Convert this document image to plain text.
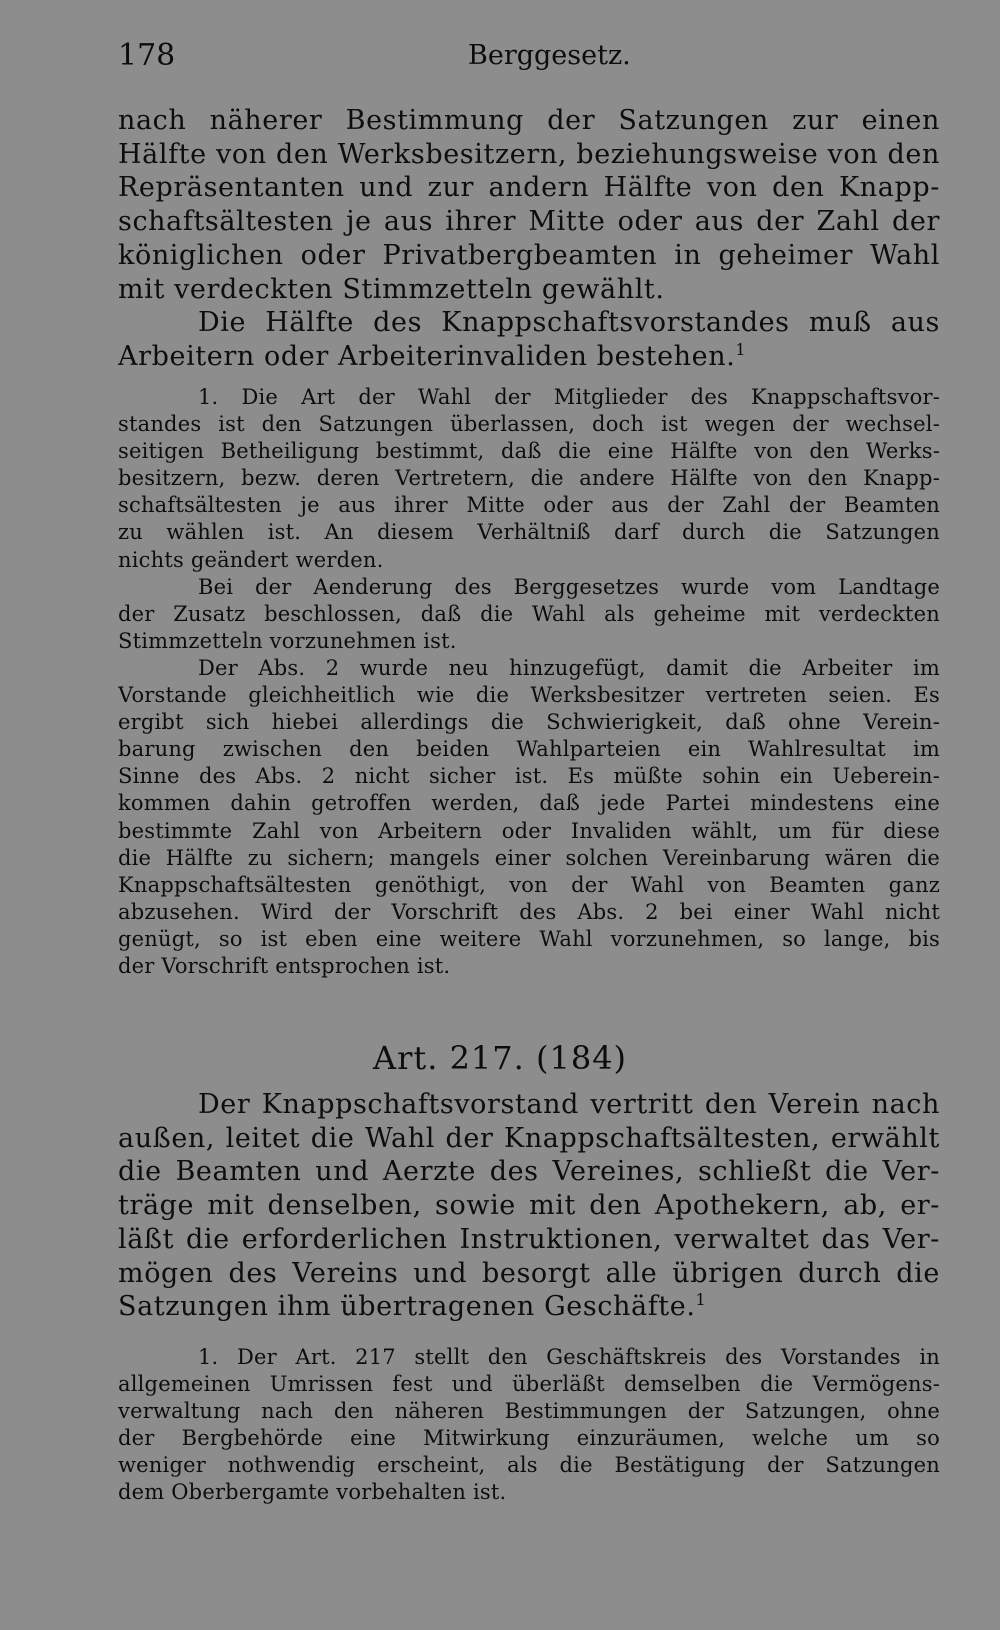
178	Berggesetz.
nach näherer Bestimmung der Satzungen zur einen
Hälfte von den Werksbesitzern, beziehungsweise von den
Repräsentanten und zur andern Hälfte von den Knapp-
schaftsältesten je aus ihrer Mitte oder aus der Zahl der
königlichen oder Privatbergbeamten in geheimer Wahl
mit verdeckten Stimmzetteln gewählt.
Die Hälfte des Knappschaftsvorstandes muß aus
Arbeitern oder Arbeiterinvaliden bestehen.$^1$
1. Die Art der Wahl der Mitglieder des Knappschaftsvor-
standes ist den Satzungen überlassen, doch ist wegen der wechsel-
seitigen Betheiligung bestimmt, daß die eine Hälfte von den Werks-
besitzern, bezw. deren Vertretern, die andere Hälfte von den Knapp-
schaftsältesten je aus ihrer Mitte oder aus der Zahl der Beamten
zu wählen ist. An diesem Verhältniß darf durch die Satzungen
nichts geändert werden.
Bei der Aenderung des Berggesetzes wurde vom Landtage
der Zusatz beschlossen, daß die Wahl als geheime mit verdeckten
Stimmzetteln vorzunehmen ist.
Der Abs. 2 wurde neu hinzugefügt, damit die Arbeiter im
Vorstande gleichheitlich wie die Werksbesitzer vertreten seien. Es
ergibt sich hiebei allerdings die Schwierigkeit, daß ohne Verein-
barung zwischen den beiden Wahlparteien ein Wahlresultat im
Sinne des Abs. 2 nicht sicher ist. Es müßte sohin ein Ueberein-
kommen dahin getroffen werden, daß jede Partei mindestens eine
bestimmte Zahl von Arbeitern oder Invaliden wählt, um für diese
die Hälfte zu sichern; mangels einer solchen Vereinbarung wären die
Knappschaftsältesten genöthigt, von der Wahl von Beamten ganz
abzusehen. Wird der Vorschrift des Abs. 2 bei einer Wahl nicht
genügt, so ist eben eine weitere Wahl vorzunehmen, so lange, bis
der Vorschrift entsprochen ist.
Art. 217. (184)
Der Knappschaftsvorstand vertritt den Verein nach
außen, leitet die Wahl der Knappschaftsältesten, erwählt
die Beamten und Aerzte des Vereines, schließt die Ver-
träge mit denselben, sowie mit den Apothekern, ab, er-
läßt die erforderlichen Instruktionen, verwaltet das Ver-
mögen des Vereins und besorgt alle übrigen durch die
Satzungen ihm übertragenen Geschäfte.$^1$
1. Der Art. 217 stellt den Geschäftskreis des Vorstandes in
allgemeinen Umrissen fest und überläßt demselben die Vermögens-
verwaltung nach den näheren Bestimmungen der Satzungen, ohne
der Bergbehörde eine Mitwirkung einzuräumen, welche um so
weniger nothwendig erscheint, als die Bestätigung der Satzungen
dem Oberbergamte vorbehalten ist.
